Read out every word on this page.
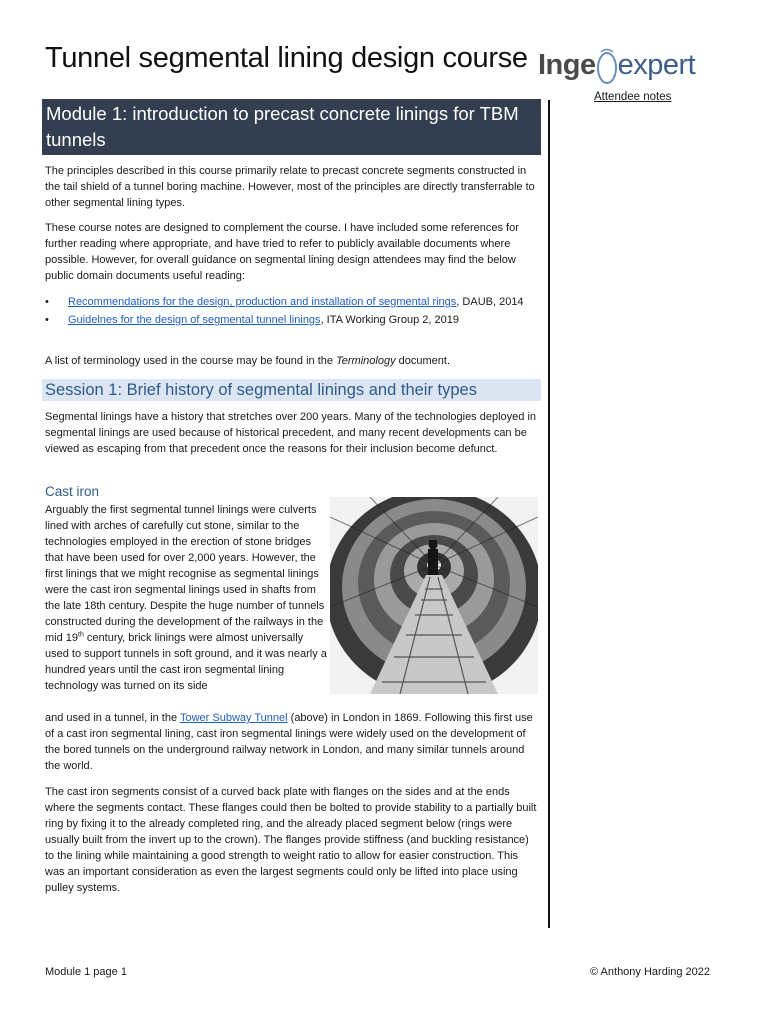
Tunnel segmental lining design course Inge expert
Attendee notes
Module 1: introduction to precast concrete linings for TBM tunnels

The principles described in this course primarily relate to precast concrete segments constructed in the tail shield of a tunnel boring machine. However, most of the principles are directly transferrable to other segmental lining types.

These course notes are designed to complement the course. I have included some references for further reading where appropriate, and have tried to refer to publicly available documents where possible. However, for overall guidance on segmental lining design attendees may find the below public domain documents useful reading:

• Recommendations for the design, production and installation of segmental rings, DAUB, 2014
• Guidelnes for the design of segmental tunnel linings, ITA Working Group 2, 2019

A list of terminology used in the course may be found in the Terminology document.

Session 1: Brief history of segmental linings and their types

Segmental linings have a history that stretches over 200 years. Many of the technologies deployed in segmental linings are used because of historical precedent, and many recent developments can be viewed as escaping from that precedent once the reasons for their inclusion become defunct.

Cast iron

Arguably the first segmental tunnel linings were culverts lined with arches of carefully cut stone, similar to the technologies employed in the erection of stone bridges that have been used for over 2,000 years. However, the first linings that we might recognise as segmental linings were the cast iron segmental linings used in shafts from the late 18th century. Despite the huge number of tunnels constructed during the development of the railways in the mid 19th century, brick linings were almost universally used to support tunnels in soft ground, and it was nearly a hundred years until the cast iron segmental lining technology was turned on its side

and used in a tunnel, in the Tower Subway Tunnel (above) in London in 1869. Following this first use of a cast iron segmental lining, cast iron segmental linings were widely used on the development of the bored tunnels on the underground railway network in London, and many similar tunnels around the world.

The cast iron segments consist of a curved back plate with flanges on the sides and at the ends where the segments contact. These flanges could then be bolted to provide stability to a partially built ring by fixing it to the already completed ring, and the already placed segment below (rings were usually built from the invert up to the crown). The flanges provide stiffness (and buckling resistance) to the lining while maintaining a good strength to weight ratio to allow for easier construction. This was an important consideration as even the largest segments could only be lifted into place using pulley systems.

Module 1 page 1	© Anthony Harding 2022
